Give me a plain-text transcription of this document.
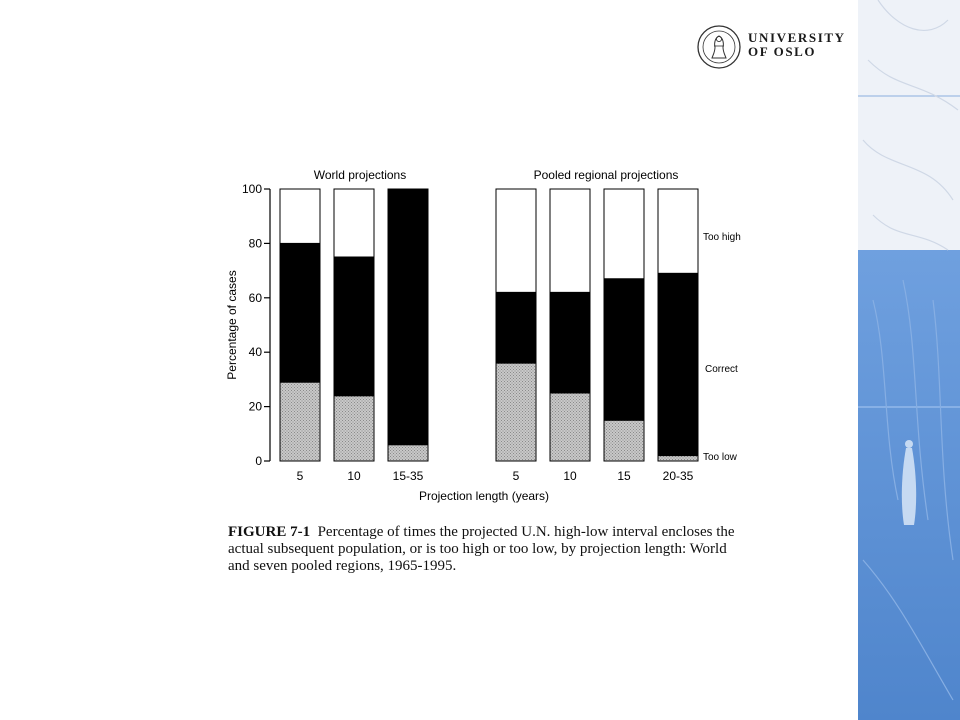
UNIVERSITY
OF OSLO
0
20
40
60
80
100
World projections	Pooled regional projections
Percentage of cases
Projection length (years)
Too high
Correct
Too low
5	10	15-35	5	10	15	20-35
FIGURE 7-1 Percentage of times the projected U.N. high-low interval encloses the actual subsequent population, or is too high or too low, by projection length: World and seven pooled regions, 1965-1995.
